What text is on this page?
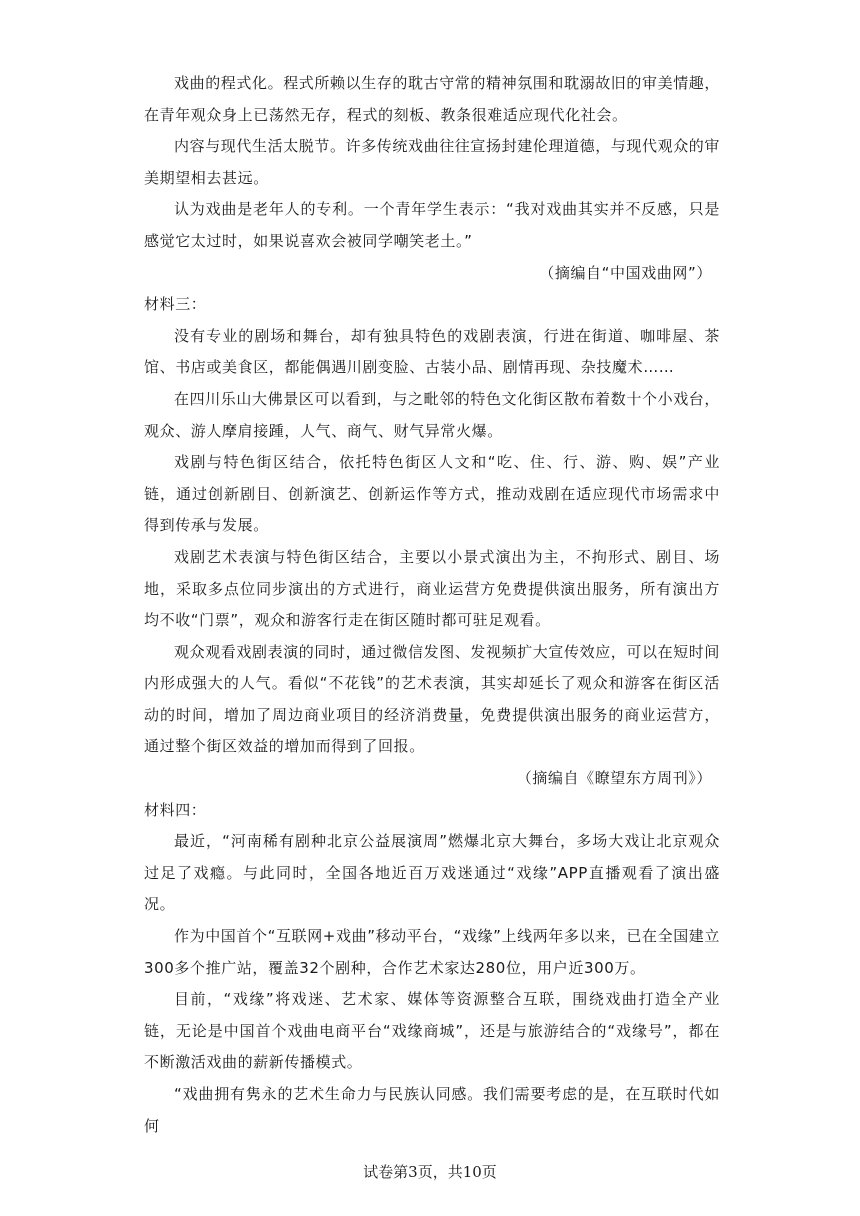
戏曲的程式化。程式所赖以生存的耽古守常的精神氛围和耽溺故旧的审美情趣，在青年观众身上已荡然无存，程式的刻板、教条很难适应现代化社会。

内容与现代生活太脱节。许多传统戏曲往往宣扬封建伦理道德，与现代观众的审美期望相去甚远。

认为戏曲是老年人的专利。一个青年学生表示：“我对戏曲其实并不反感，只是感觉它太过时，如果说喜欢会被同学嘲笑老土。”

（摘编自“中国戏曲网”）

材料三：

没有专业的剧场和舞台，却有独具特色的戏剧表演，行进在街道、咖啡屋、茶馆、书店或美食区，都能偶遇川剧变脸、古装小品、剧情再现、杂技魔术……

在四川乐山大佛景区可以看到，与之毗邻的特色文化街区散布着数十个小戏台，观众、游人摩肩接踵，人气、商气、财气异常火爆。

戏剧与特色街区结合，依托特色街区人文和“吃、住、行、游、购、娱”产业链，通过创新剧目、创新演艺、创新运作等方式，推动戏剧在适应现代市场需求中得到传承与发展。

戏剧艺术表演与特色街区结合，主要以小景式演出为主，不拘形式、剧目、场地，采取多点位同步演出的方式进行，商业运营方免费提供演出服务，所有演出方均不收“门票”，观众和游客行走在街区随时都可驻足观看。

观众观看戏剧表演的同时，通过微信发图、发视频扩大宣传效应，可以在短时间内形成强大的人气。看似“不花钱”的艺术表演，其实却延长了观众和游客在街区活动的时间，增加了周边商业项目的经济消费量，免费提供演出服务的商业运营方，通过整个街区效益的增加而得到了回报。

（摘编自《瞭望东方周刊》）

材料四：

最近，“河南稀有剧种北京公益展演周”燃爆北京大舞台，多场大戏让北京观众过足了戏瘾。与此同时，全国各地近百万戏迷通过“戏缘”APP直播观看了演出盛况。

作为中国首个“互联网+戏曲”移动平台，“戏缘”上线两年多以来，已在全国建立300多个推广站，覆盖32个剧种，合作艺术家达280位，用户近300万。

目前，“戏缘”将戏迷、艺术家、媒体等资源整合互联，围绕戏曲打造全产业链，无论是中国首个戏曲电商平台“戏缘商城”，还是与旅游结合的“戏缘号”，都在不断激活戏曲的薪新传播模式。

“戏曲拥有隽永的艺术生命力与民族认同感。我们需要考虑的是，在互联时代如何

试卷第3页，共10页
